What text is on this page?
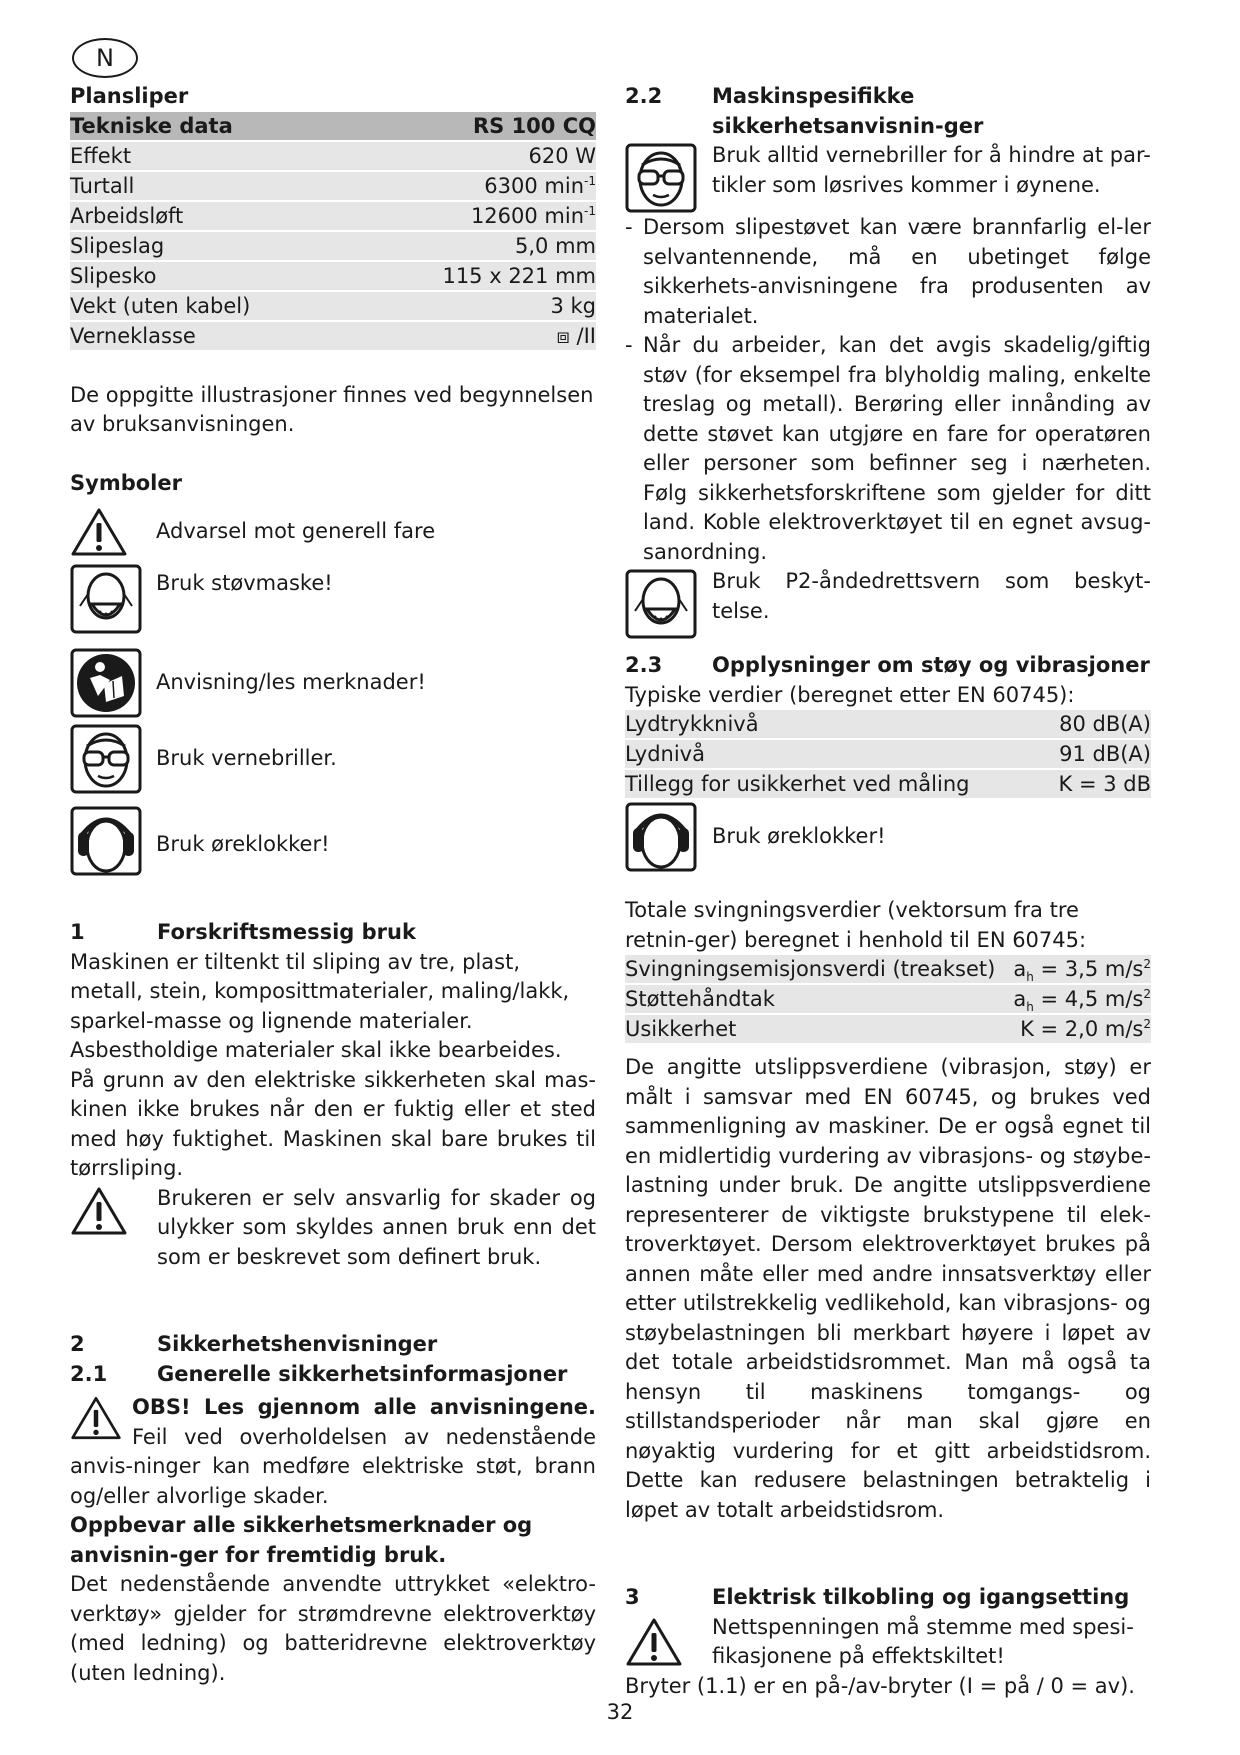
N

Plansliper

Tekniske data	RS 100 CQ
Effekt	620 W
Turtall	6300 $\min^{-1}$
Arbeidsløft	12600 $\min^{-1}$
Slipeslag	5,0 mm
Slipesko	115 x 221 mm
Vekt (uten kabel)	3 kg
Verneklasse	⧈ /II

De oppgitte illustrasjoner finnes ved begynnelsen av bruksanvisningen.

Symboler

Advarsel mot generell fare
Bruk støvmaske!
Anvisning/les merknader!
Bruk vernebriller.
Bruk øreklokker!
1	Forskriftsmessig bruk

Maskinen er tiltenkt til sliping av tre, plast, metall, stein, komposittmaterialer, maling/lakk, sparkel-masse og lignende materialer.

Asbestholdige materialer skal ikke bearbeides.

På grunn av den elektriske sikkerheten skal mas-kinen ikke brukes når den er fuktig eller et sted med høy fuktighet. Maskinen skal bare brukes til tørrsliping.

Brukeren er selv ansvarlig for skader og ulykker som skyldes annen bruk enn det som er beskrevet som definert bruk.

2	Sikkerhetshenvisninger
2.1	Generelle sikkerhetsinformasjoner

OBS! Les gjennom alle anvisningene. Feil ved overholdelsen av nedenstående anvis-ninger kan medføre elektriske støt, brann og/eller alvorlige skader.

Oppbevar alle sikkerhetsmerknader og anvisnin-ger for fremtidig bruk.

Det nedenstående anvendte uttrykket «elektro-verktøy» gjelder for strømdrevne elektroverktøy (med ledning) og batteridrevne elektroverktøy (uten ledning).

2.2	Maskinspesifikke sikkerhetsanvisnin-ger

Bruk alltid vernebriller for å hindre at par-tikler som løsrives kommer i øynene.

- Dersom slipestøvet kan være brannfarlig el-ler selvantennende, må en ubetinget følge sikkerhets-anvisningene fra produsenten av materialet.

- Når du arbeider, kan det avgis skadelig/giftig støv (for eksempel fra blyholdig maling, enkelte treslag og metall). Berøring eller innånding av dette støvet kan utgjøre en fare for operatøren eller personer som befinner seg i nærheten. Følg sikkerhetsforskriftene som gjelder for ditt land. Koble elektroverktøyet til en egnet avsug-sanordning.

Bruk P2-åndedrettsvern som beskyt-telse.

2.3	Opplysninger om støy og vibrasjoner

Typiske verdier (beregnet etter EN 60745):

Lydtrykknivå	80 dB(A)
Lydnivå	91 dB(A)
Tillegg for usikkerhet ved måling	K = 3 dB

Bruk øreklokker!

Totale svingningsverdier (vektorsum fra tre retnin-ger) beregnet i henhold til EN 60745:

Svingningsemisjonsverdi (treakset) $a_h = 3,5$ $m/s^2$
Støttehåndtak	$a_h = 4,5$ $m/s^2$
Usikkerhet	K = 2,0 $m/s^2$

De angitte utslippsverdiene (vibrasjon, støy) er målt i samsvar med EN 60745, og brukes ved sammenligning av maskiner. De er også egnet til en midlertidig vurdering av vibrasjons- og støybe-lastning under bruk. De angitte utslippsverdiene representerer de viktigste brukstypene til elek-troverktøyet. Dersom elektroverktøyet brukes på annen måte eller med andre innsatsverktøy eller etter utilstrekkelig vedlikehold, kan vibrasjons- og støybelastningen bli merkbart høyere i løpet av det totale arbeidstidsrommet. Man må også ta hensyn til maskinens tomgangs- og stillstandsperioder når man skal gjøre en nøyaktig vurdering for et gitt arbeidstidsrom. Dette kan redusere belastningen betraktelig i løpet av totalt arbeidstidsrom.

3	Elektrisk tilkobling og igangsetting

Nettspenningen må stemme med spesi-fikasjonene på effektskiltet!

Bryter (1.1) er en på-/av-bryter (I = på / 0 = av).

32
